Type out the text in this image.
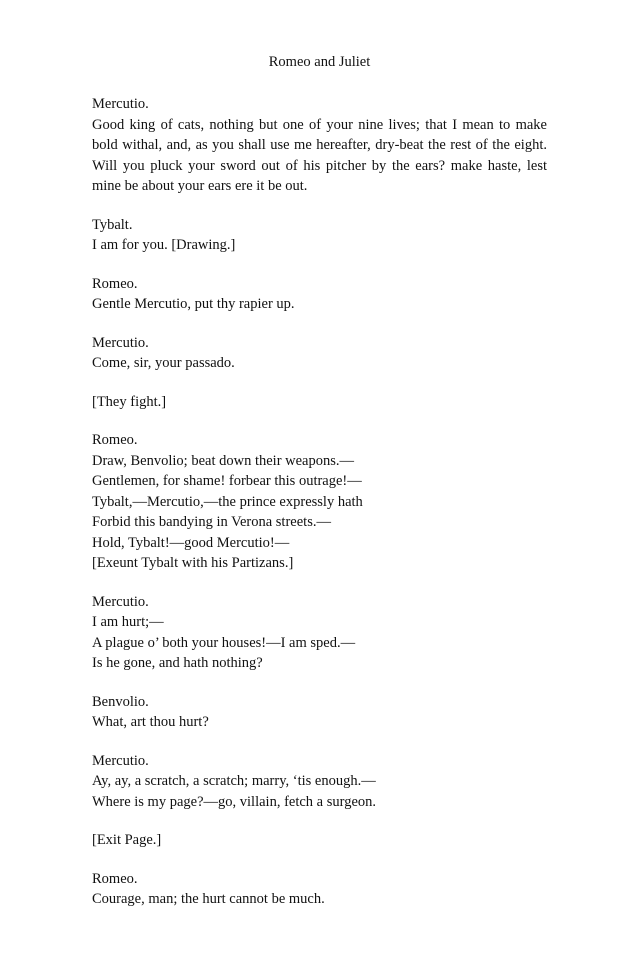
Romeo and Juliet
Mercutio.
Good king of cats, nothing but one of your nine lives; that I mean to make bold withal, and, as you shall use me hereafter, dry-beat the rest of the eight. Will you pluck your sword out of his pitcher by the ears? make haste, lest mine be about your ears ere it be out.
Tybalt.
I am for you. [Drawing.]
Romeo.
Gentle Mercutio, put thy rapier up.
Mercutio.
Come, sir, your passado.
[They fight.]
Romeo.
Draw, Benvolio; beat down their weapons.—
Gentlemen, for shame! forbear this outrage!—
Tybalt,—Mercutio,—the prince expressly hath
Forbid this bandying in Verona streets.—
Hold, Tybalt!—good Mercutio!—
[Exeunt Tybalt with his Partizans.]
Mercutio.
I am hurt;—
A plague o’ both your houses!—I am sped.—
Is he gone, and hath nothing?
Benvolio.
What, art thou hurt?
Mercutio.
Ay, ay, a scratch, a scratch; marry, ‘tis enough.—
Where is my page?—go, villain, fetch a surgeon.
[Exit Page.]
Romeo.
Courage, man; the hurt cannot be much.
